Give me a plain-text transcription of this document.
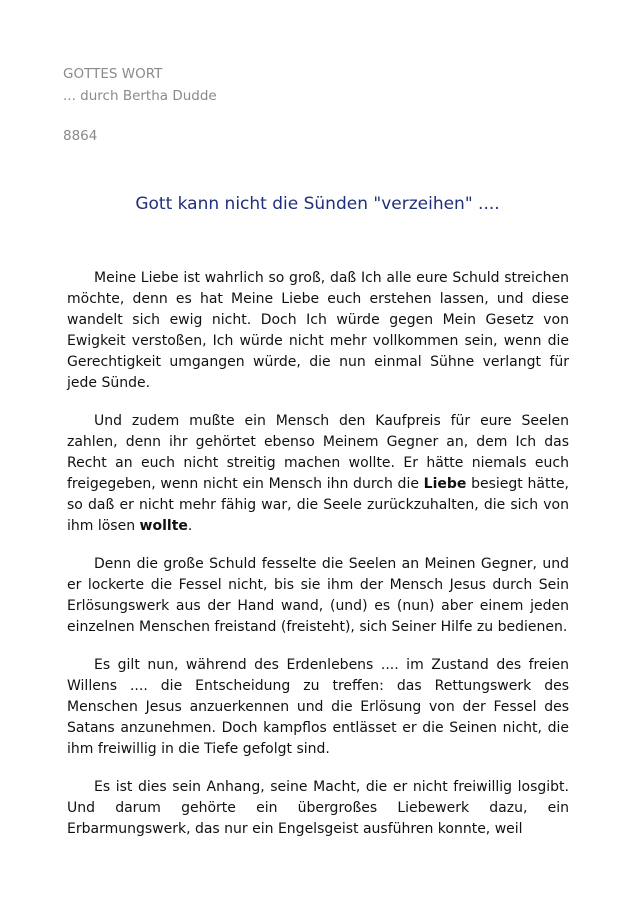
GOTTES WORT
... durch Bertha Dudde
8864
Gott kann nicht die Sünden "verzeihen" ....

Meine Liebe ist wahrlich so groß, daß Ich alle eure Schuld streichen möchte, denn es hat Meine Liebe euch erstehen lassen, und diese wandelt sich ewig nicht. Doch Ich würde gegen Mein Gesetz von Ewigkeit verstoßen, Ich würde nicht mehr vollkommen sein, wenn die Gerechtigkeit umgangen würde, die nun einmal Sühne verlangt für jede Sünde.

Und zudem mußte ein Mensch den Kaufpreis für eure Seelen zahlen, denn ihr gehörtet ebenso Meinem Gegner an, dem Ich das Recht an euch nicht streitig machen wollte. Er hätte niemals euch freigegeben, wenn nicht ein Mensch ihn durch die Liebe besiegt hätte, so daß er nicht mehr fähig war, die Seele zurückzuhalten, die sich von ihm lösen wollte.

Denn die große Schuld fesselte die Seelen an Meinen Gegner, und er lockerte die Fessel nicht, bis sie ihm der Mensch Jesus durch Sein Erlösungswerk aus der Hand wand, (und) es (nun) aber einem jeden einzelnen Menschen freistand (freisteht), sich Seiner Hilfe zu bedienen.

Es gilt nun, während des Erdenlebens .... im Zustand des freien Willens .... die Entscheidung zu treffen: das Rettungswerk des Menschen Jesus anzuerkennen und die Erlösung von der Fessel des Satans anzunehmen. Doch kampflos entlässet er die Seinen nicht, die ihm freiwillig in die Tiefe gefolgt sind.

Es ist dies sein Anhang, seine Macht, die er nicht freiwillig losgibt. Und darum gehörte ein übergroßes Liebewerk dazu, ein Erbarmungswerk, das nur ein Engelsgeist ausführen konnte, weil
